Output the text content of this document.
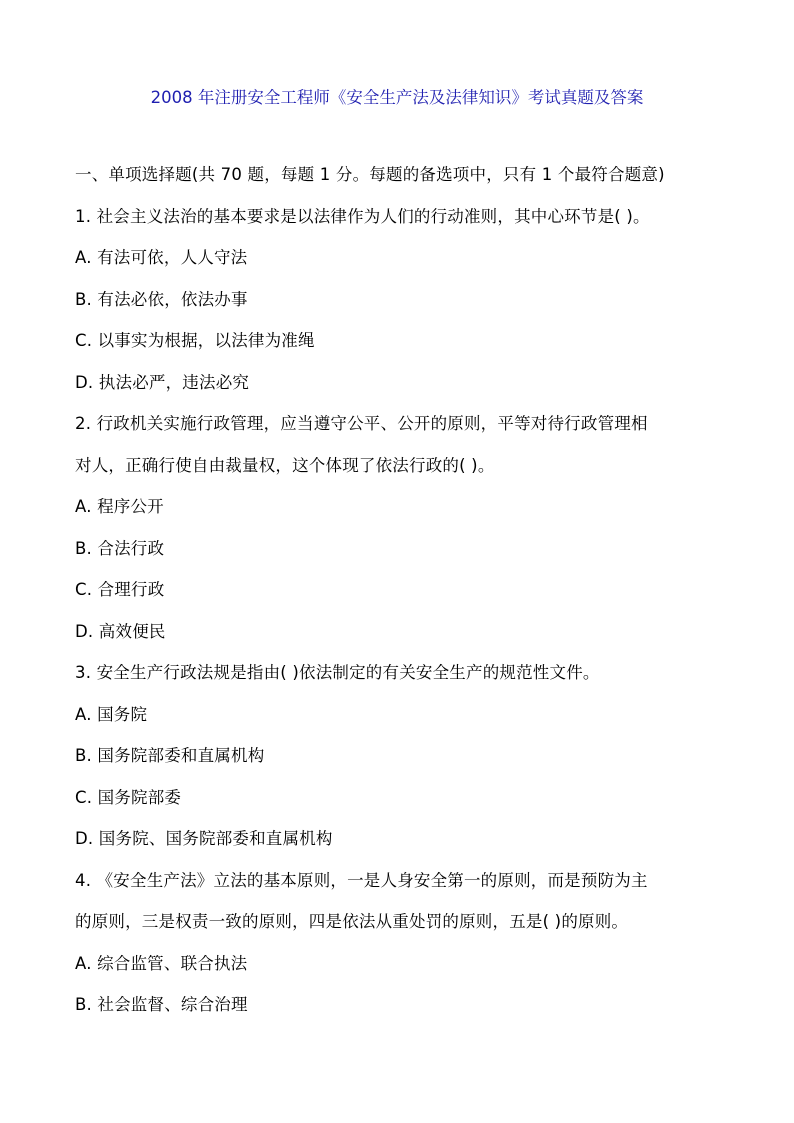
2008 年注册安全工程师《安全生产法及法律知识》考试真题及答案
一、单项选择题(共 70 题，每题 1 分。每题的备选项中，只有 1 个最符合题意)
1. 社会主义法治的基本要求是以法律作为人们的行动准则，其中心环节是( )。
A. 有法可依，人人守法
B. 有法必依，依法办事
C. 以事实为根据，以法律为准绳
D. 执法必严，违法必究
2. 行政机关实施行政管理，应当遵守公平、公开的原则，平等对待行政管理相
对人，正确行使自由裁量权，这个体现了依法行政的( )。
A. 程序公开
B. 合法行政
C. 合理行政
D. 高效便民
3. 安全生产行政法规是指由( )依法制定的有关安全生产的规范性文件。
A. 国务院
B. 国务院部委和直属机构
C. 国务院部委
D. 国务院、国务院部委和直属机构
4. 《安全生产法》立法的基本原则，一是人身安全第一的原则，而是预防为主
的原则，三是权责一致的原则，四是依法从重处罚的原则，五是( )的原则。
A. 综合监管、联合执法
B. 社会监督、综合治理
